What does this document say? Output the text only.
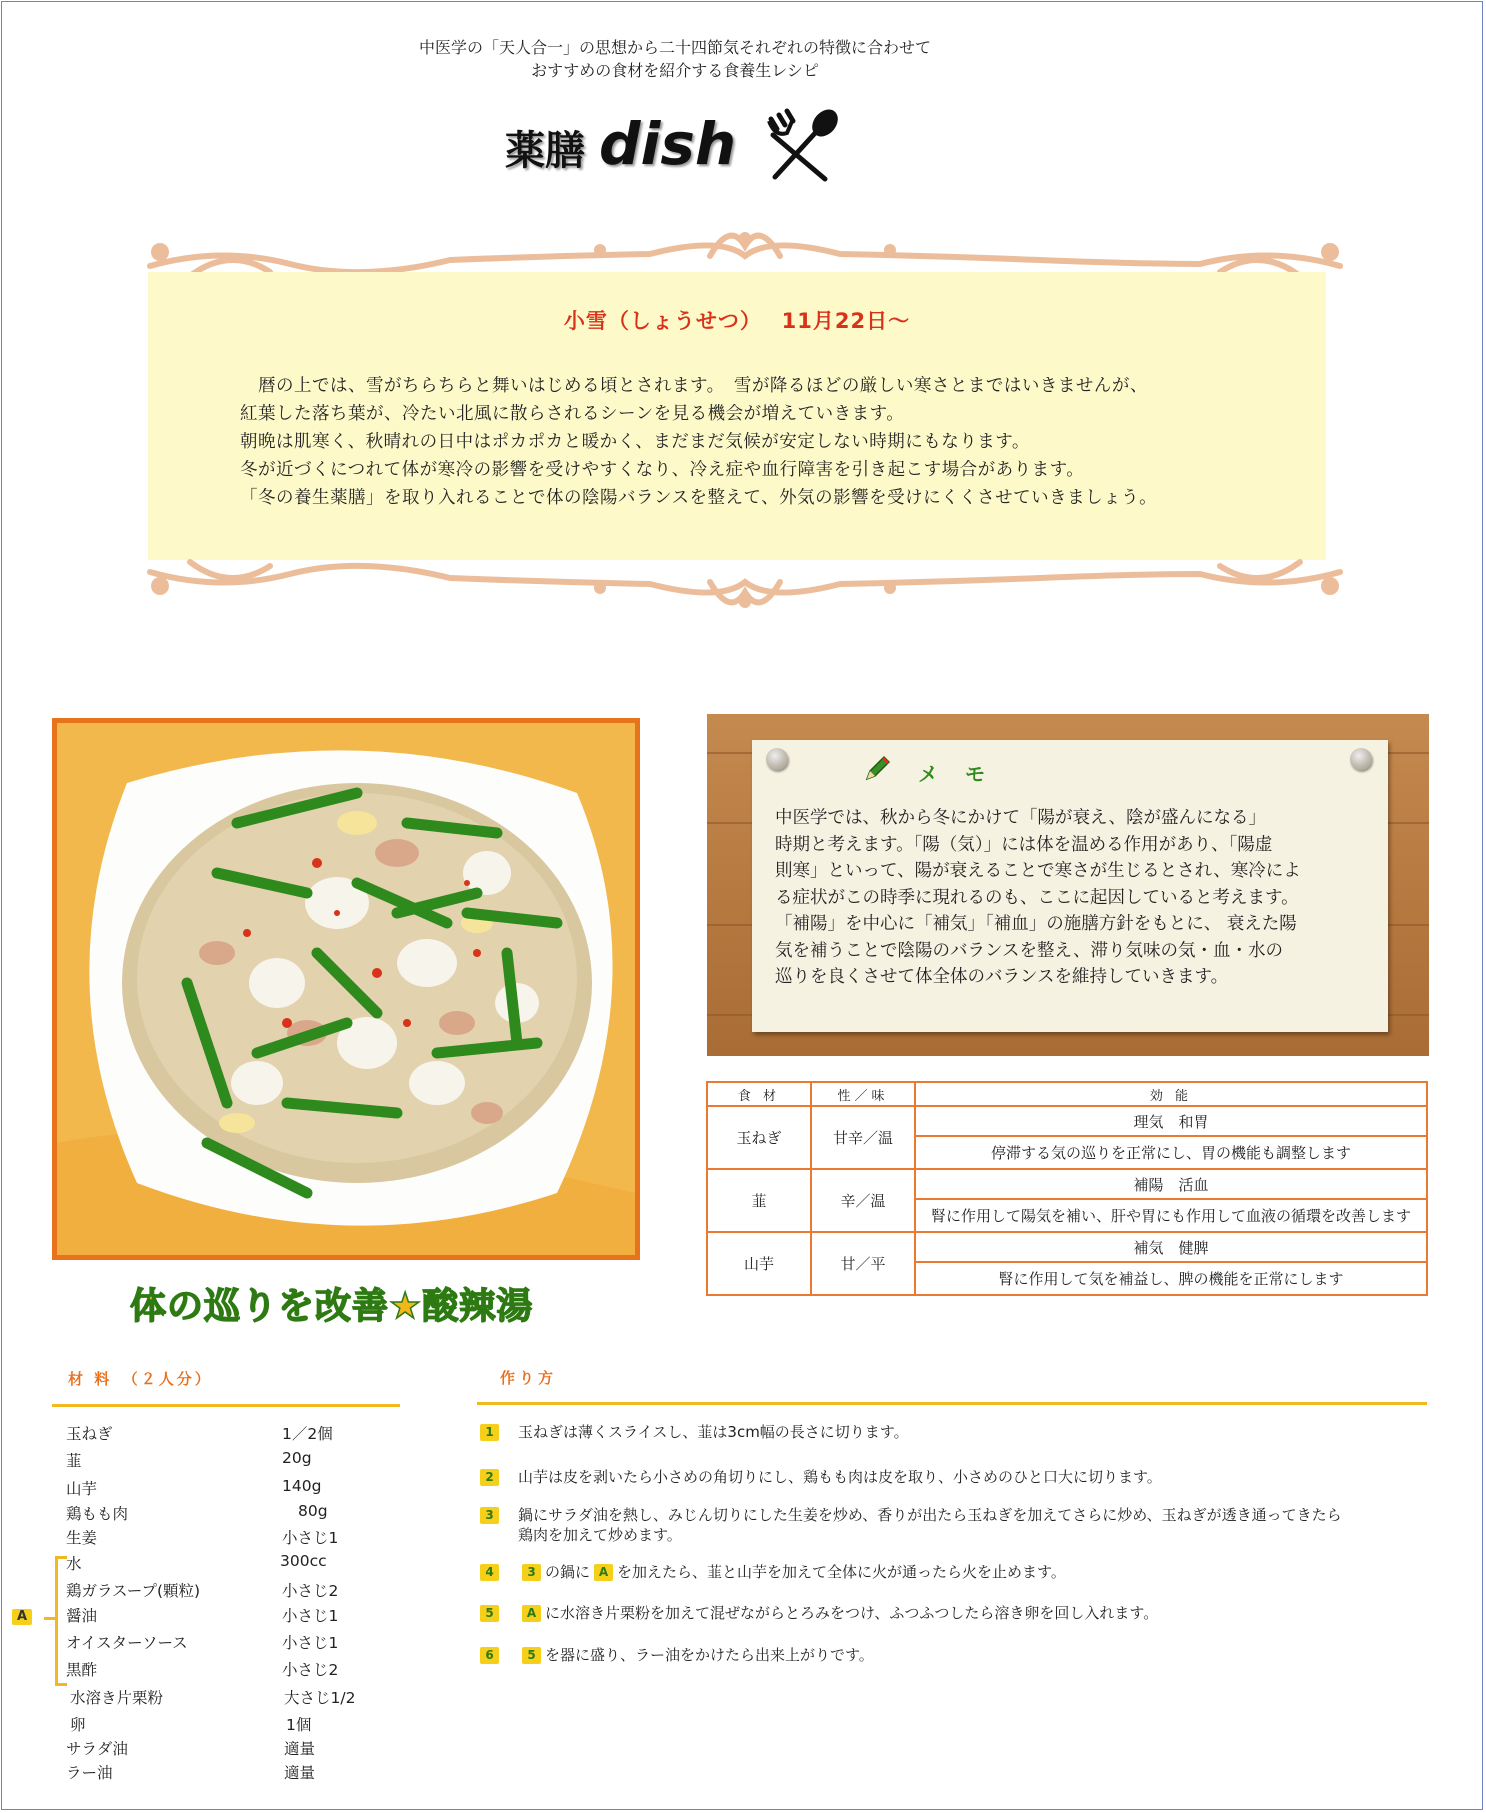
中医学の「天人合一」の思想から二十四節気それぞれの特徴に合わせて
おすすめの食材を紹介する食養生レシピ
薬膳 dish
小雪（しょうせつ）　 11月22日～

　暦の上では、雪がちらちらと舞いはじめる頃とされます。　雪が降るほどの厳しい寒さとまではいきませんが、

紅葉した落ち葉が、冷たい北風に散らされるシーンを見る機会が増えていきます。

朝晩は肌寒く、秋晴れの日中はポカポカと暖かく、まだまだ気候が安定しない時期にもなります。

冬が近づくにつれて体が寒冷の影響を受けやすくなり、冷え症や血行障害を引き起こす場合があります。

「冬の養生薬膳」を取り入れることで体の陰陽バランスを整えて、外気の影響を受けにくくさせていきましょう。

体の巡りを改善★酸辣湯
メ モ

中医学では、秋から冬にかけて「陽が衰え、陰が盛んになる」

時期と考えます。「陽（気）」には体を温める作用があり、「陽虚

則寒」といって、陽が衰えることで寒さが生じるとされ、寒冷によ

る症状がこの時季に現れるのも、ここに起因していると考えます。

「補陽」を中心に「補気」「補血」の施膳方針をもとに、 衰えた陽

気を補うことで陰陽のバランスを整え、滞り気味の気・血・水の

巡りを良くさせて体全体のバランスを維持していきます。

食 材	性／味	効 能
玉ねぎ	甘辛／温	理気　和胃
		停滞する気の巡りを正常にし、胃の機能も調整します
韮	辛／温	補陽　活血
		腎に作用して陽気を補い、肝や胃にも作用して血液の循環を改善します
山芋	甘／平	補気　健脾
		腎に作用して気を補益し、脾の機能を正常にします
材 料　（２人分）
A
玉ねぎ	1／2個
韮	20g
山芋	140g
鶏もも肉	80g
生姜	小さじ1
水	300cc
鶏ガラスープ(顆粒)	小さじ2
醤油	小さじ1
オイスターソース	小さじ1
黒酢	小さじ2
水溶き片栗粉	大さじ1/2
卵	1個
サラダ油	適量
ラー油	適量
作り方
1 玉ねぎは薄くスライスし、韮は3cm幅の長さに切ります。
2 山芋は皮を剥いたら小さめの角切りにし、鶏もも肉は皮を取り、小さめのひと口大に切ります。
3 鍋にサラダ油を熱し、みじん切りにした生姜を炒め、香りが出たら玉ねぎを加えてさらに炒め、玉ねぎが透き通ってきたら
鶏肉を加えて炒めます。
4	3 の鍋に A を加えたら、韮と山芋を加えて全体に火が通ったら火を止めます。
5	A に水溶き片栗粉を加えて混ぜながらとろみをつけ、ふつふつしたら溶き卵を回し入れます。
6	5 を器に盛り、ラー油をかけたら出来上がりです。
